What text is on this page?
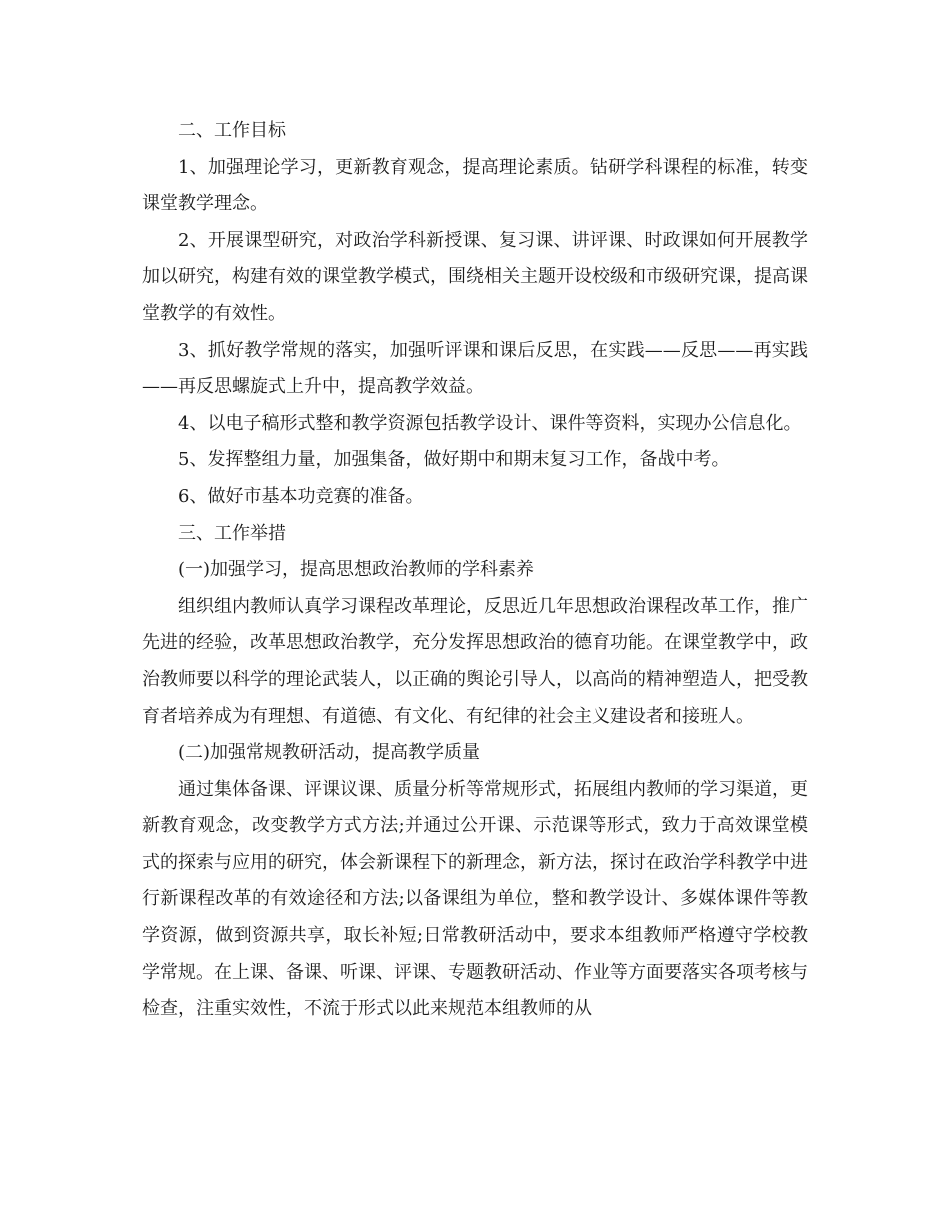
二、工作目标

1、加强理论学习，更新教育观念，提高理论素质。钻研学科课程的标准，转变课堂教学理念。

2、开展课型研究，对政治学科新授课、复习课、讲评课、时政课如何开展教学加以研究，构建有效的课堂教学模式，围绕相关主题开设校级和市级研究课，提高课堂教学的有效性。

3、抓好教学常规的落实，加强听评课和课后反思，在实践——反思——再实践——再反思螺旋式上升中，提高教学效益。

4、以电子稿形式整和教学资源包括教学设计、课件等资料，实现办公信息化。

5、发挥整组力量，加强集备，做好期中和期末复习工作，备战中考。

6、做好市基本功竞赛的准备。

三、工作举措

(一)加强学习，提高思想政治教师的学科素养

组织组内教师认真学习课程改革理论，反思近几年思想政治课程改革工作，推广先进的经验，改革思想政治教学，充分发挥思想政治的德育功能。在课堂教学中，政治教师要以科学的理论武装人，以正确的舆论引导人，以高尚的精神塑造人，把受教育者培养成为有理想、有道德、有文化、有纪律的社会主义建设者和接班人。

(二)加强常规教研活动，提高教学质量

通过集体备课、评课议课、质量分析等常规形式，拓展组内教师的学习渠道，更新教育观念，改变教学方式方法;并通过公开课、示范课等形式，致力于高效课堂模式的探索与应用的研究，体会新课程下的新理念，新方法，探讨在政治学科教学中进行新课程改革的有效途径和方法;以备课组为单位，整和教学设计、多媒体课件等教学资源，做到资源共享，取长补短;日常教研活动中，要求本组教师严格遵守学校教学常规。在上课、备课、听课、评课、专题教研活动、作业等方面要落实各项考核与检查，注重实效性，不流于形式以此来规范本组教师的从
